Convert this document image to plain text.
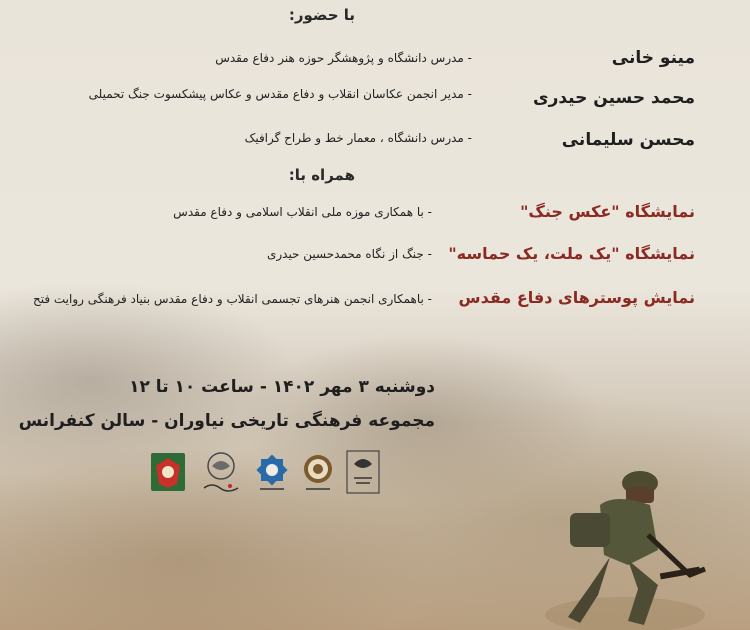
با حضور:
مینو خانی
- مدرس دانشگاه و پژوهشگر حوزه هنر دفاع مقدس
محمد حسین حیدری
- مدیر انجمن عکاسان انقلاب و دفاع مقدس و عکاس پیشکسوت جنگ تحمیلی
محسن سلیمانی
- مدرس دانشگاه ، معمار خط و طراح گرافیک
همراه با:
نمایشگاه "عکس جنگ"
- با همکاری موزه ملی انقلاب اسلامی و دفاع مقدس
نمایشگاه "یک ملت، یک حماسه"
- جنگ از نگاه محمدحسین حیدری
نمایش پوسترهای دفاع مقدس
- باهمکاری انجمن هنرهای تجسمی انقلاب و دفاع مقدس بنیاد فرهنگی روایت فتح
دوشنبه ۳ مهر ۱۴۰۲ - ساعت ۱۰ تا ۱۲
مجموعه فرهنگی تاریخی نیاوران - سالن کنفرانس
